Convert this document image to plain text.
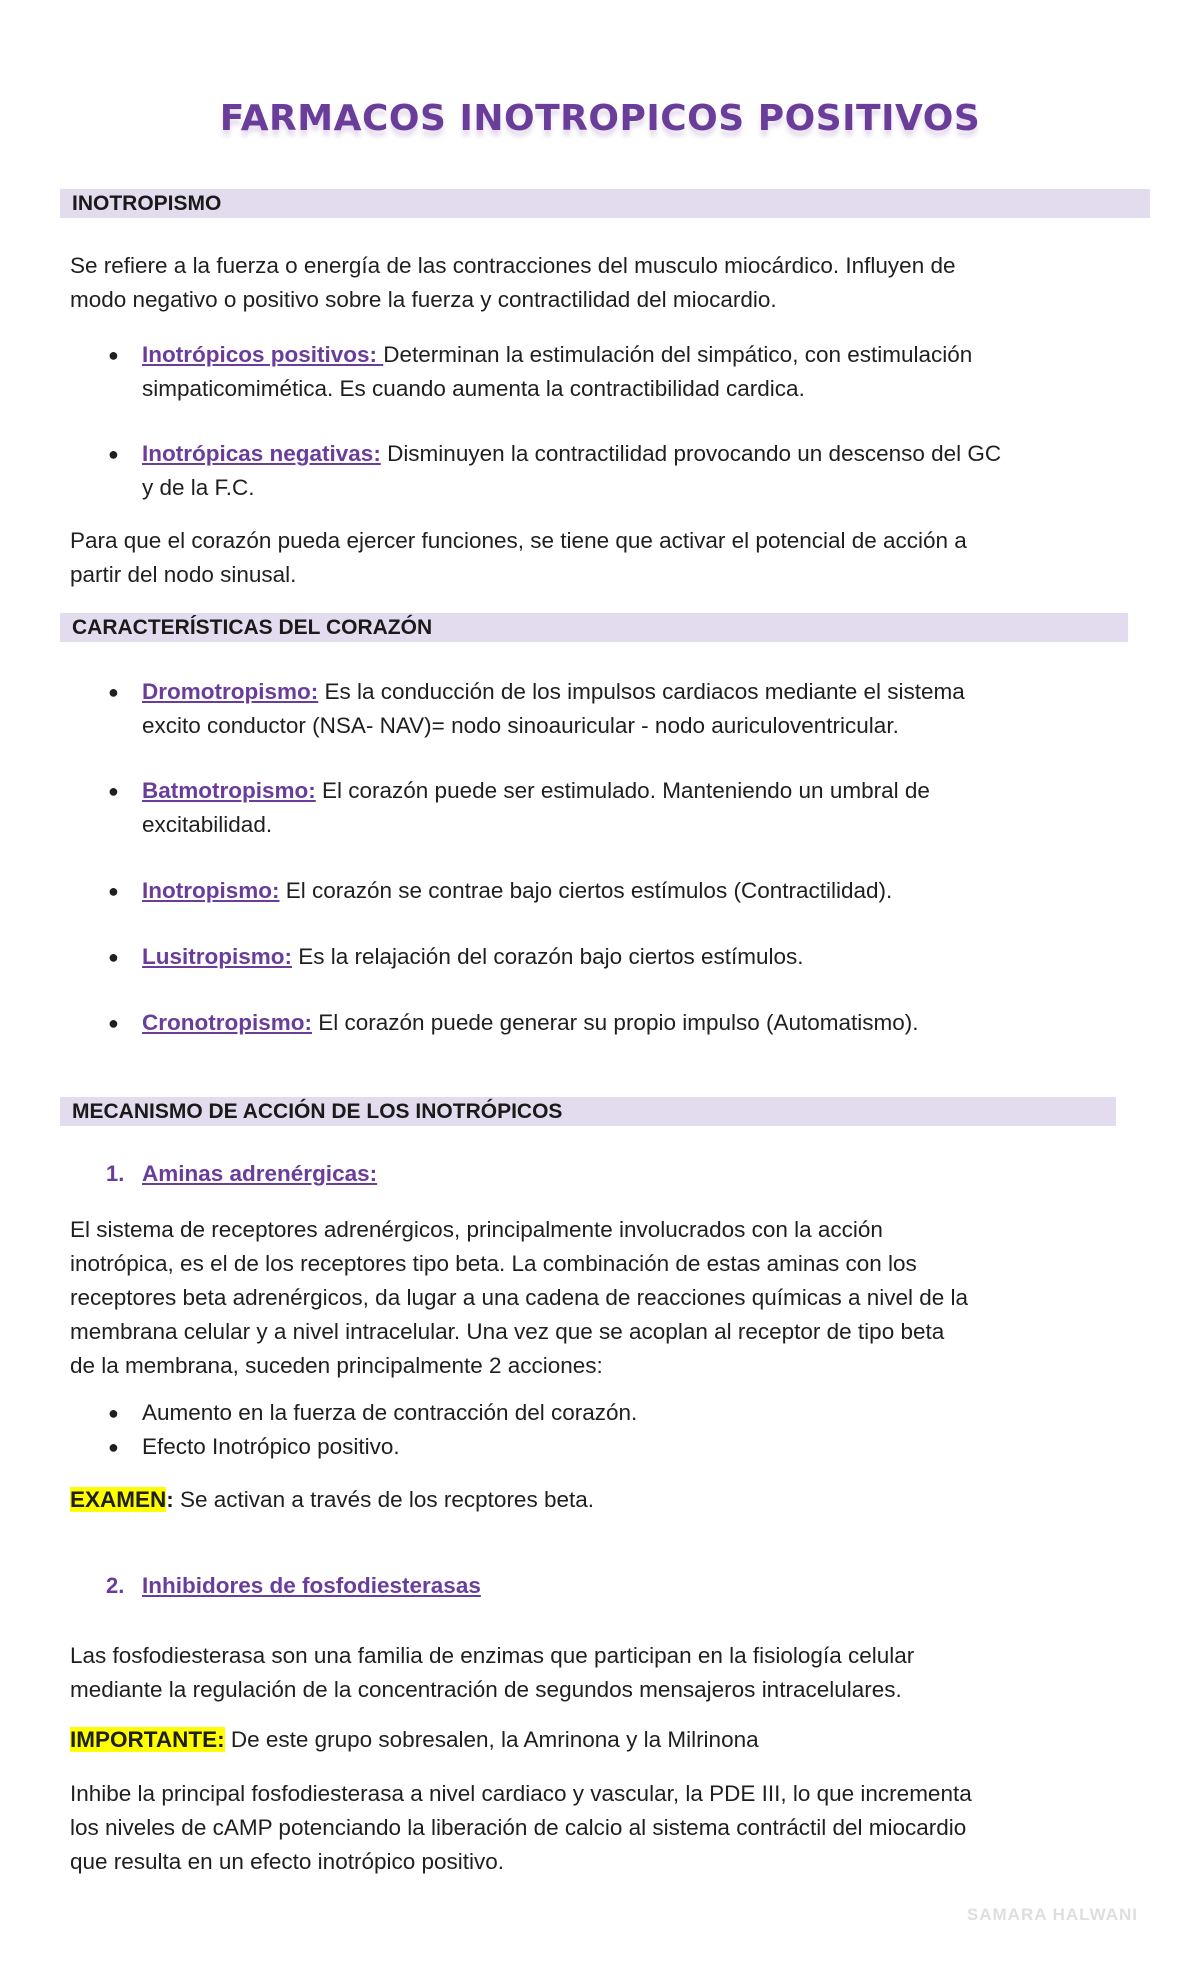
FARMACOS INOTROPICOS POSITIVOS
INOTROPISMO
Se refiere a la fuerza o energía de las contracciones del musculo miocárdico. Influyen de
modo negativo o positivo sobre la fuerza y contractilidad del miocardio.
● Inotrópicos positivos: Determinan la estimulación del simpático, con estimulación
simpaticomimética. Es cuando aumenta la contractibilidad cardica.
● Inotrópicas negativas: Disminuyen la contractilidad provocando un descenso del GC
y de la F.C.
Para que el corazón pueda ejercer funciones, se tiene que activar el potencial de acción a
partir del nodo sinusal.
CARACTERÍSTICAS DEL CORAZÓN
● Dromotropismo: Es la conducción de los impulsos cardiacos mediante el sistema
excito conductor (NSA- NAV)= nodo sinoauricular - nodo auriculoventricular.
● Batmotropismo: El corazón puede ser estimulado. Manteniendo un umbral de
excitabilidad.
● Inotropismo: El corazón se contrae bajo ciertos estímulos (Contractilidad).
● Lusitropismo: Es la relajación del corazón bajo ciertos estímulos.
● Cronotropismo: El corazón puede generar su propio impulso (Automatismo).
MECANISMO DE ACCIÓN DE LOS INOTRÓPICOS
1. Aminas adrenérgicas:
El sistema de receptores adrenérgicos, principalmente involucrados con la acción
inotrópica, es el de los receptores tipo beta. La combinación de estas aminas con los
receptores beta adrenérgicos, da lugar a una cadena de reacciones químicas a nivel de la
membrana celular y a nivel intracelular. Una vez que se acoplan al receptor de tipo beta
de la membrana, suceden principalmente 2 acciones:
● Aumento en la fuerza de contracción del corazón.
● Efecto Inotrópico positivo.
EXAMEN: Se activan a través de los recptores beta.
2. Inhibidores de fosfodiesterasas
Las fosfodiesterasa son una familia de enzimas que participan en la fisiología celular
mediante la regulación de la concentración de segundos mensajeros intracelulares.
IMPORTANTE: De este grupo sobresalen, la Amrinona y la Milrinona
Inhibe la principal fosfodiesterasa a nivel cardiaco y vascular, la PDE III, lo que incrementa
los niveles de cAMP potenciando la liberación de calcio al sistema contráctil del miocardio
que resulta en un efecto inotrópico positivo.
SAMARA HALWANI
